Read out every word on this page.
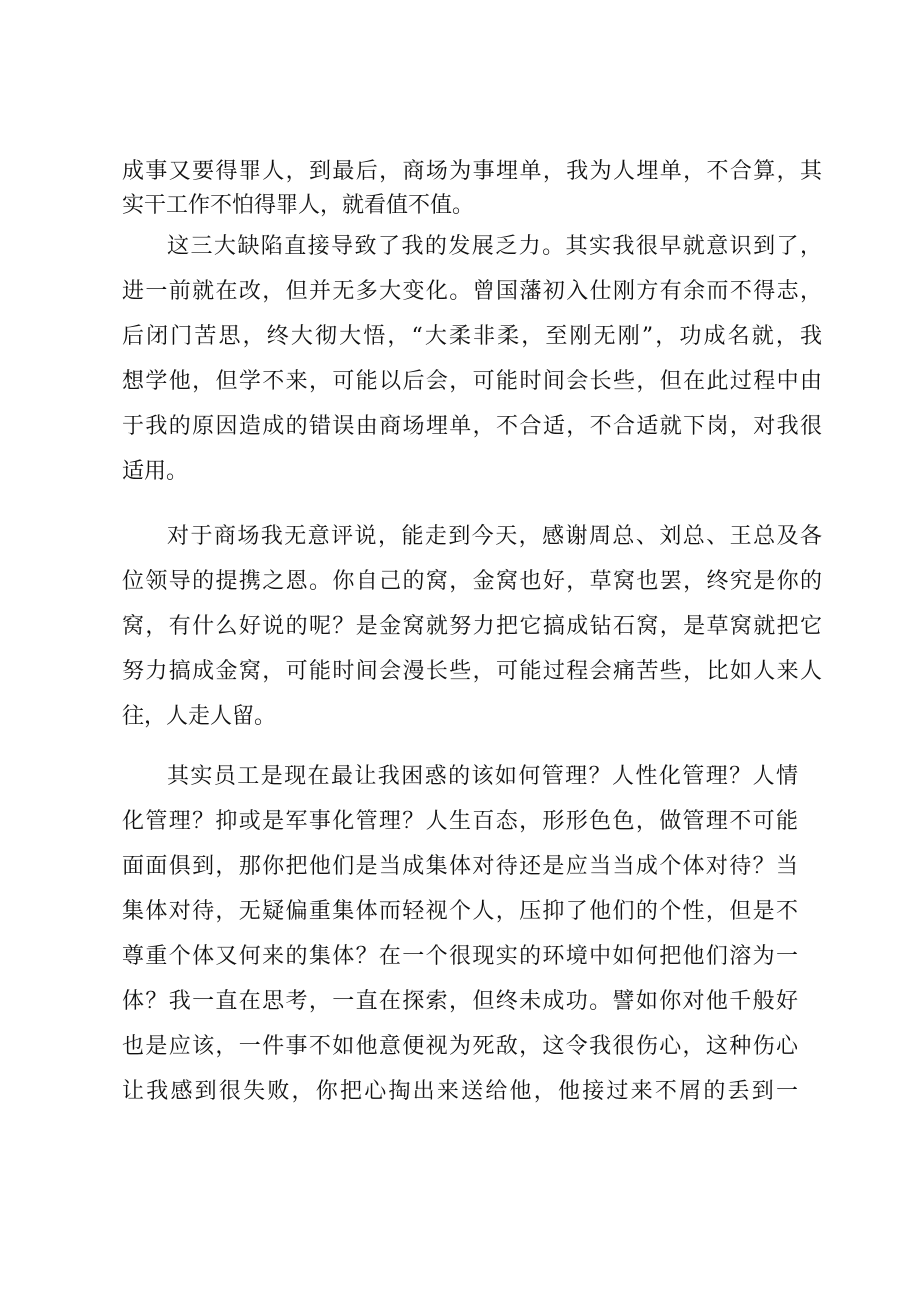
成事又要得罪人，到最后，商场为事埋单，我为人埋单，不合算，其
实干工作不怕得罪人，就看值不值。
这三大缺陷直接导致了我的发展乏力。其实我很早就意识到了，
进一前就在改，但并无多大变化。曾国藩初入仕刚方有余而不得志，
后闭门苦思，终大彻大悟，“大柔非柔，至刚无刚”，功成名就，我
想学他，但学不来，可能以后会，可能时间会长些，但在此过程中由
于我的原因造成的错误由商场埋单，不合适，不合适就下岗，对我很
适用。
对于商场我无意评说，能走到今天，感谢周总、刘总、王总及各
位领导的提携之恩。你自己的窝，金窝也好，草窝也罢，终究是你的
窝，有什么好说的呢？是金窝就努力把它搞成钻石窝，是草窝就把它
努力搞成金窝，可能时间会漫长些，可能过程会痛苦些，比如人来人
往，人走人留。
其实员工是现在最让我困惑的该如何管理？人性化管理？人情
化管理？抑或是军事化管理？人生百态，形形色色，做管理不可能
面面俱到，那你把他们是当成集体对待还是应当当成个体对待？当
集体对待，无疑偏重集体而轻视个人，压抑了他们的个性，但是不
尊重个体又何来的集体？在一个很现实的环境中如何把他们溶为一
体？我一直在思考，一直在探索，但终未成功。譬如你对他千般好
也是应该，一件事不如他意便视为死敌，这令我很伤心，这种伤心
让我感到很失败，你把心掏出来送给他，他接过来不屑的丢到一
